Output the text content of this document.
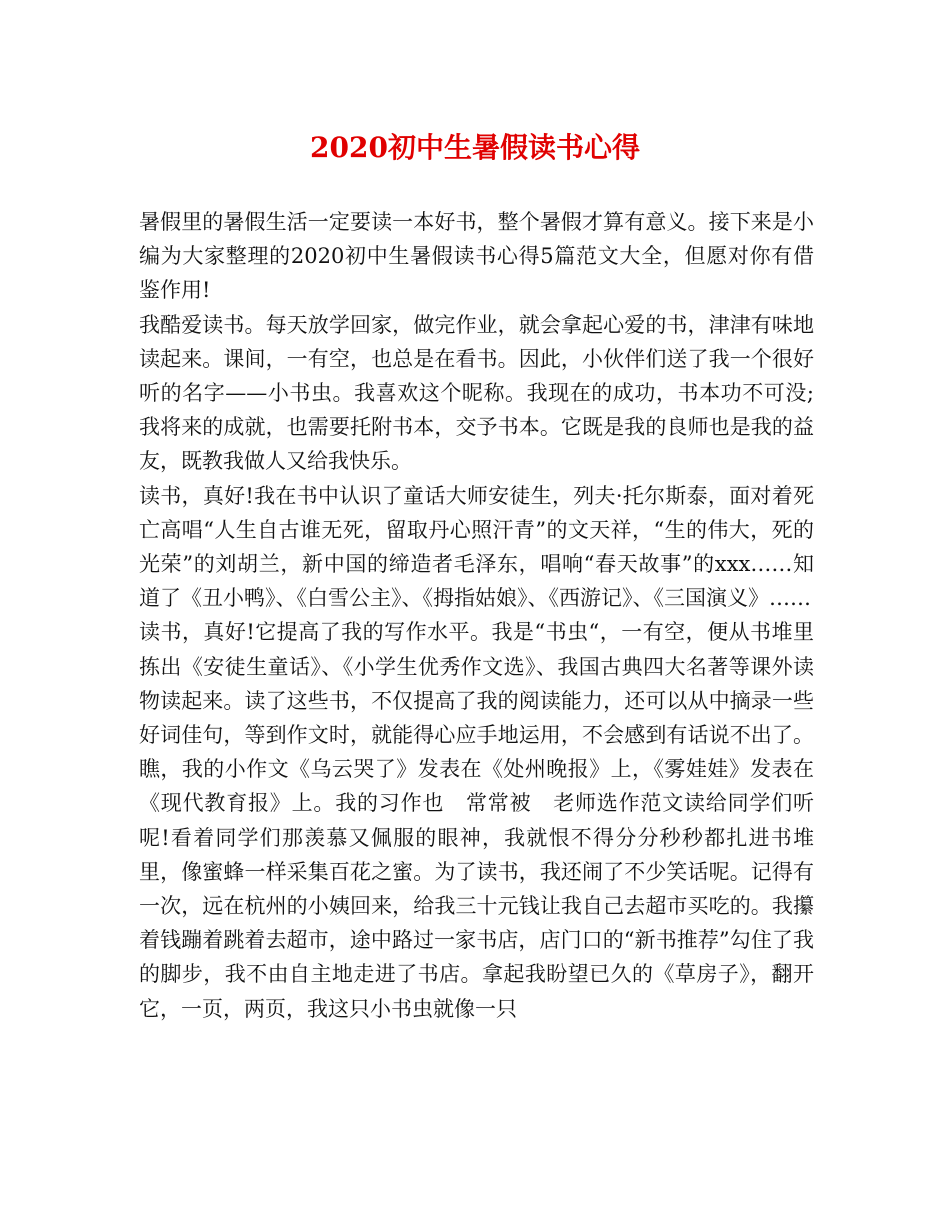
2020初中生暑假读书心得

暑假里的暑假生活一定要读一本好书，整个暑假才算有意义。接下来是小编为大家整理的2020初中生暑假读书心得5篇范文大全，但愿对你有借鉴作用!

我酷爱读书。每天放学回家，做完作业，就会拿起心爱的书，津津有味地读起来。课间，一有空，也总是在看书。因此，小伙伴们送了我一个很好听的名字——小书虫。我喜欢这个昵称。我现在的成功，书本功不可没;我将来的成就，也需要托附书本，交予书本。它既是我的良师也是我的益友，既教我做人又给我快乐。

读书，真好!我在书中认识了童话大师安徒生，列夫·托尔斯泰，面对着死亡高唱“人生自古谁无死，留取丹心照汗青”的文天祥，“生的伟大，死的光荣”的刘胡兰，新中国的缔造者毛泽东，唱响“春天故事”的xxx……知道了《丑小鸭》、《白雪公主》、《拇指姑娘》、《西游记》、《三国演义》……

读书，真好!它提高了我的写作水平。我是“书虫“，一有空，便从书堆里拣出《安徒生童话》、《小学生优秀作文选》、我国古典四大名著等课外读物读起来。读了这些书，不仅提高了我的阅读能力，还可以从中摘录一些好词佳句，等到作文时，就能得心应手地运用，不会感到有话说不出了。瞧，我的小作文《乌云哭了》发表在《处州晚报》上，《雾娃娃》发表在《现代教育报》上。我的习作也　常常被　老师选作范文读给同学们听呢!看着同学们那羡慕又佩服的眼神，我就恨不得分分秒秒都扎进书堆里，像蜜蜂一样采集百花之蜜。为了读书，我还闹了不少笑话呢。记得有一次，远在杭州的小姨回来，给我三十元钱让我自己去超市买吃的。我攥着钱蹦着跳着去超市，途中路过一家书店，店门口的“新书推荐”勾住了我的脚步，我不由自主地走进了书店。拿起我盼望已久的《草房子》，翻开它，一页，两页，我这只小书虫就像一只
